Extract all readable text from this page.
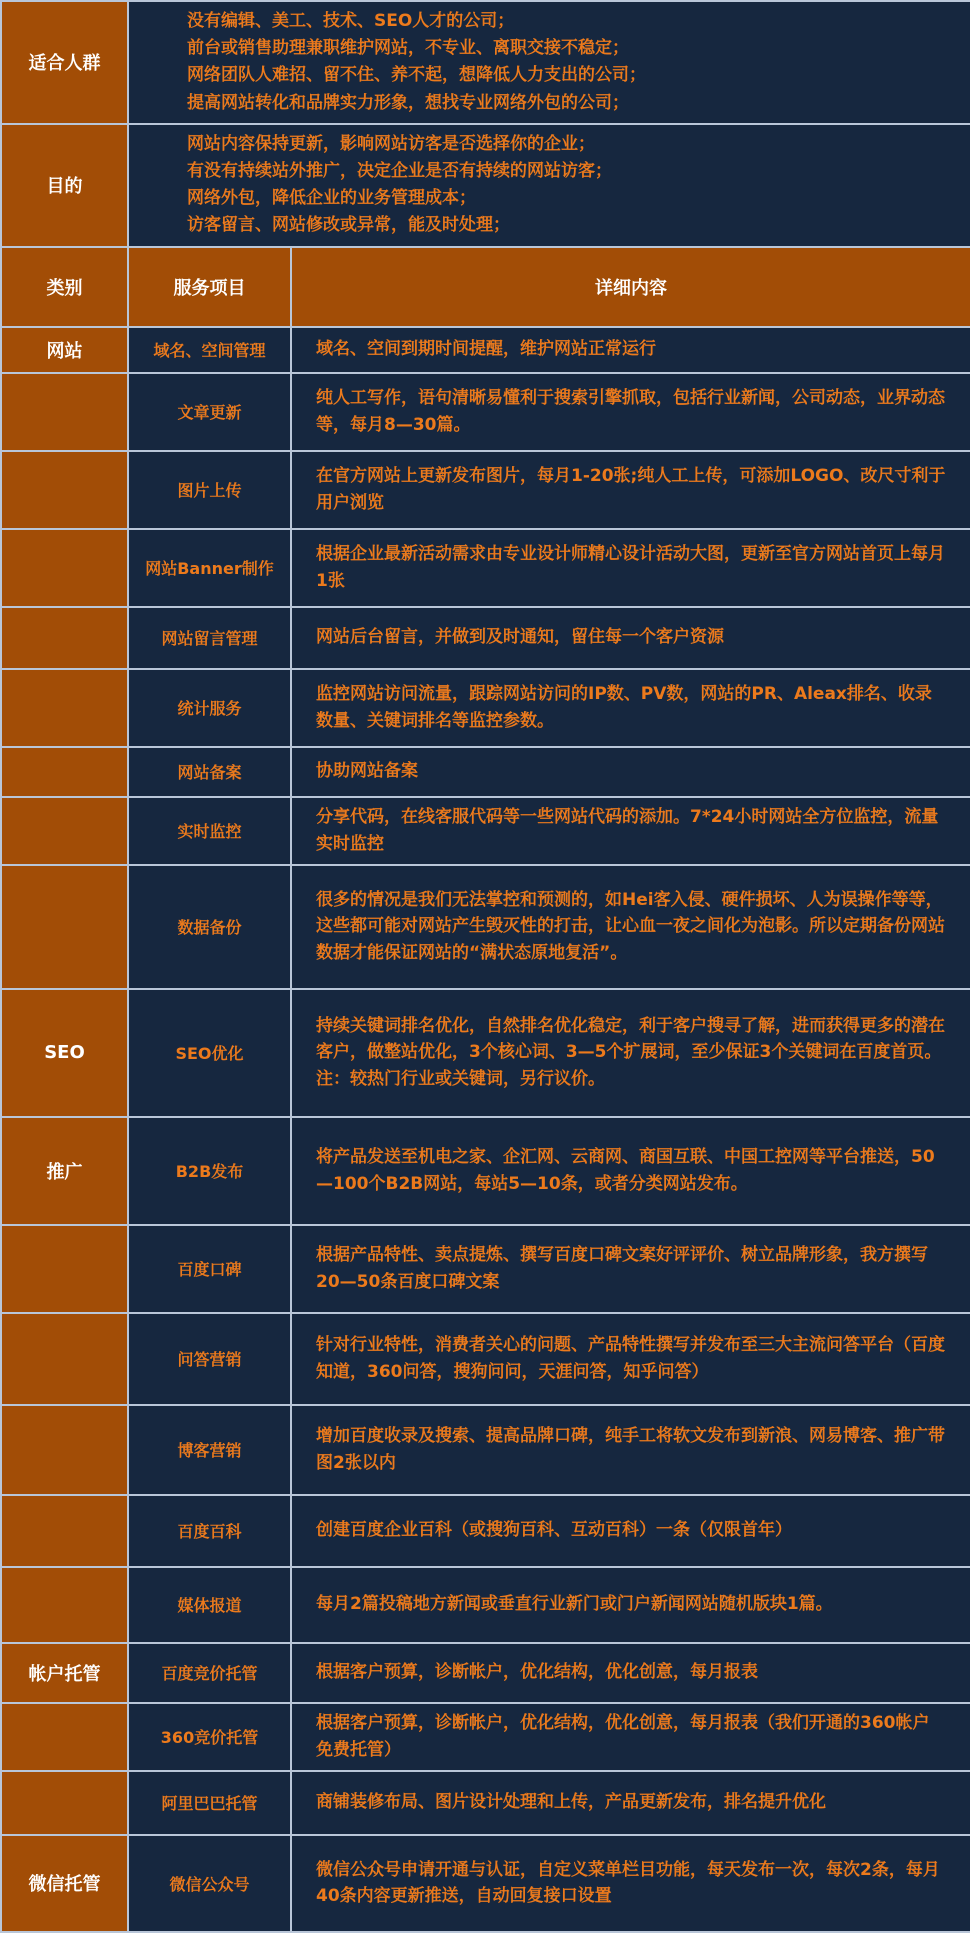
适合人群	没有编辑、美工、技术、SEO人才的公司；
前台或销售助理兼职维护网站，不专业、离职交接不稳定；
网络团队人难招、留不住、养不起，想降低人力支出的公司；
提高网站转化和品牌实力形象，想找专业网络外包的公司；	

目的	网站内容保持更新，影响网站访客是否选择你的企业；
有没有持续站外推广，决定企业是否有持续的网站访客；
网络外包，降低企业的业务管理成本；
访客留言、网站修改或异常，能及时处理；	

类别	服务项目	详细内容
网站	域名、空间管理	域名、空间到期时间提醒，维护网站正常运行
	文章更新	纯人工写作，语句清晰易懂利于搜索引擎抓取，包括行业新闻，公司动态，业界动态等，每月8—30篇。
	图片上传	在官方网站上更新发布图片，每月1-20张;纯人工上传，可添加LOGO、改尺寸利于用户浏览
	网站Banner制作	根据企业最新活动需求由专业设计师精心设计活动大图，更新至官方网站首页上每月1张
	网站留言管理	网站后台留言，并做到及时通知，留住每一个客户资源
	统计服务	监控网站访问流量，跟踪网站访问的IP数、PV数，网站的PR、Aleax排名、收录数量、关键词排名等监控参数。
	网站备案	协助网站备案
	实时监控	分享代码，在线客服代码等一些网站代码的添加。7*24小时网站全方位监控，流量实时监控
	数据备份	很多的情况是我们无法掌控和预测的，如Hei客入侵、硬件损坏、人为误操作等等，这些都可能对网站产生毁灭性的打击，让心血一夜之间化为泡影。所以定期备份网站数据才能保证网站的“满状态原地复活”。
SEO	SEO优化	持续关键词排名优化，自然排名优化稳定，利于客户搜寻了解，进而获得更多的潜在客户，做整站优化，3个核心词、3—5个扩展词，至少保证3个关键词在百度首页。注：较热门行业或关键词，另行议价。
推广	B2B发布	将产品发送至机电之家、企汇网、云商网、商国互联、中国工控网等平台推送，50—100个B2B网站，每站5—10条，或者分类网站发布。
	百度口碑	根据产品特性、卖点提炼、撰写百度口碑文案好评评价、树立品牌形象，我方撰写20—50条百度口碑文案
	问答营销	针对行业特性，消费者关心的问题、产品特性撰写并发布至三大主流问答平台（百度知道，360问答，搜狗问问，天涯问答，知乎问答）
	博客营销	增加百度收录及搜索、提高品牌口碑，纯手工将软文发布到新浪、网易博客、推广带图2张以内
	百度百科	创建百度企业百科（或搜狗百科、互动百科）一条（仅限首年）
	媒体报道	每月2篇投稿地方新闻或垂直行业新门或门户新闻网站随机版块1篇。
帐户托管	百度竞价托管	根据客户预算，诊断帐户，优化结构，优化创意，每月报表
	360竞价托管	根据客户预算，诊断帐户，优化结构，优化创意，每月报表（我们开通的360帐户免费托管）
	阿里巴巴托管	商铺装修布局、图片设计处理和上传，产品更新发布，排名提升优化
微信托管	微信公众号	微信公众号申请开通与认证，自定义菜单栏目功能，每天发布一次，每次2条，每月40条内容更新推送，自动回复接口设置
